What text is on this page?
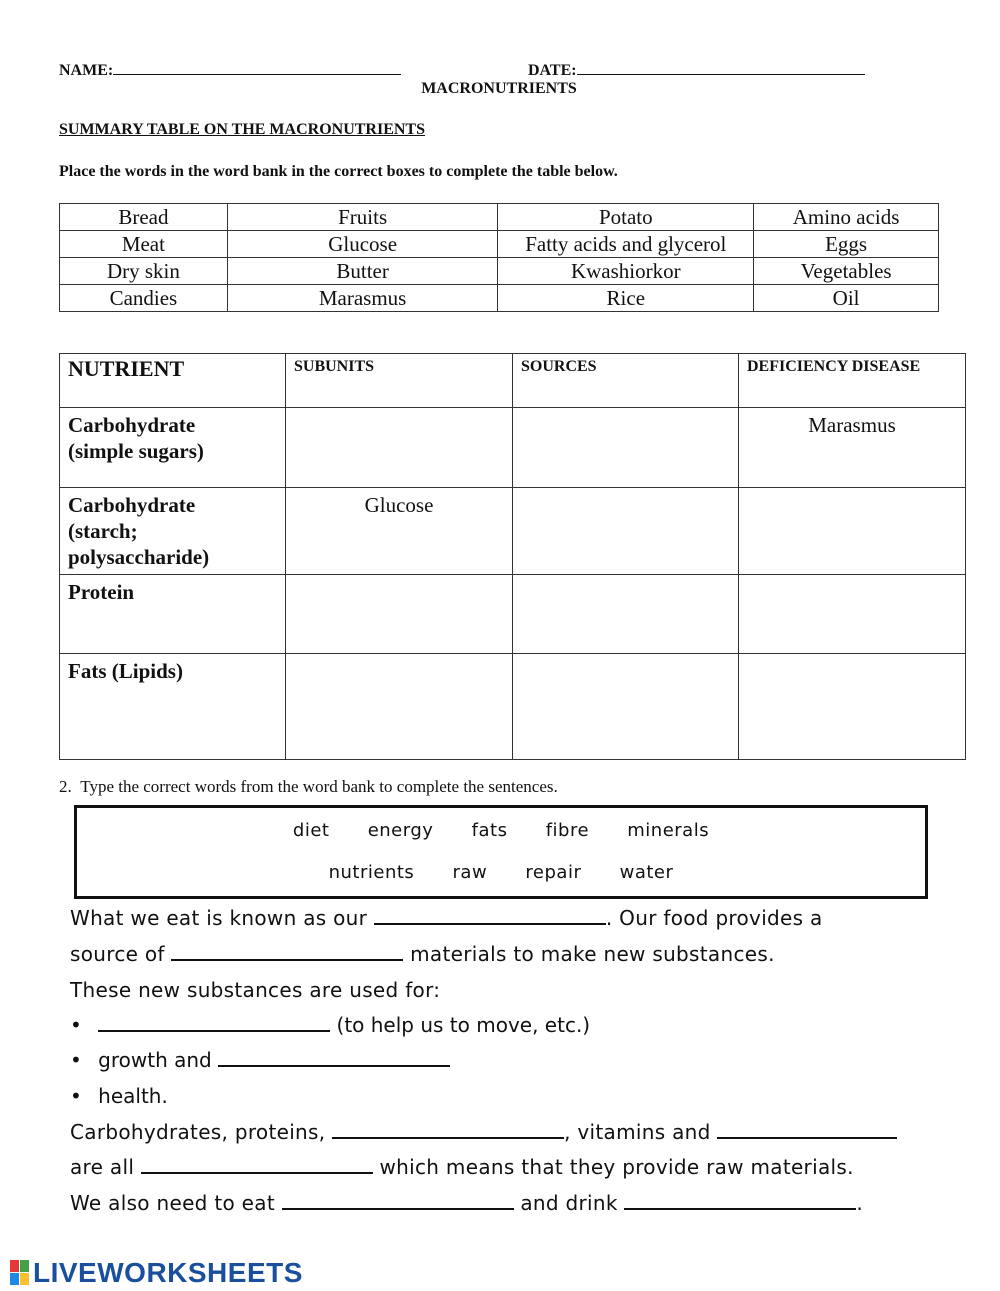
NAME:	DATE:
MACRONUTRIENTS
SUMMARY TABLE ON THE MACRONUTRIENTS
Place the words in the word bank in the correct boxes to complete the table below.
Bread	Fruits	Potato	Amino acids
Meat	Glucose	Fatty acids and glycerol	Eggs
Dry skin	Butter	Kwashiorkor	Vegetables
Candies	Marasmus	Rice	Oil
NUTRIENT	SUBUNITS	SOURCES	DEFICIENCY DISEASE

Carbohydrate
(simple sugars)			Marasmus

Carbohydrate
(starch;
polysaccharide)	Glucose		

Protein			

Fats (Lipids)			

2. Type the correct words from the word bank to complete the sentences.
diet energy fats fibre minerals
nutrients raw repair water
What we eat is known as our	. Our food provides a
source of	materials to make new substances.
These new substances are used for:
•	(to help us to move, etc.)
• growth and
• health.
Carbohydrates, proteins,	, vitamins and
are all	which means that they provide raw materials.
We also need to eat	and drink	.
LIVEWORKSHEETS
